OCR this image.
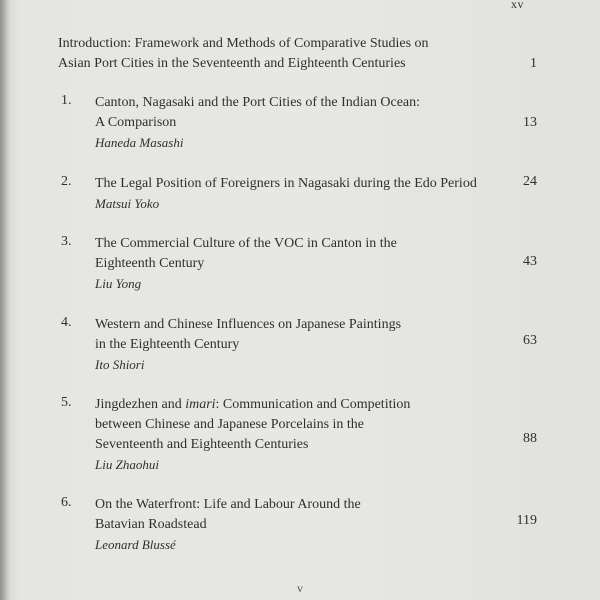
xv
Introduction: Framework and Methods of Comparative Studies on
Asian Port Cities in the Seventeenth and Eighteenth Centuries	1
1. Canton, Nagasaki and the Port Cities of the Indian Ocean:
A Comparison
Haneda Masashi
13
2. The Legal Position of Foreigners in Nagasaki during the Edo Period
Matsui Yoko
24
3. The Commercial Culture of the VOC in Canton in the
Eighteenth Century
Liu Yong
43
4. Western and Chinese Influences on Japanese Paintings
in the Eighteenth Century
Ito Shiori
63
5. Jingdezhen and imari: Communication and Competition
between Chinese and Japanese Porcelains in the
Seventeenth and Eighteenth Centuries
Liu Zhaohui
88
6. On the Waterfront: Life and Labour Around the
Batavian Roadstead
Leonard Blussé
119
v
